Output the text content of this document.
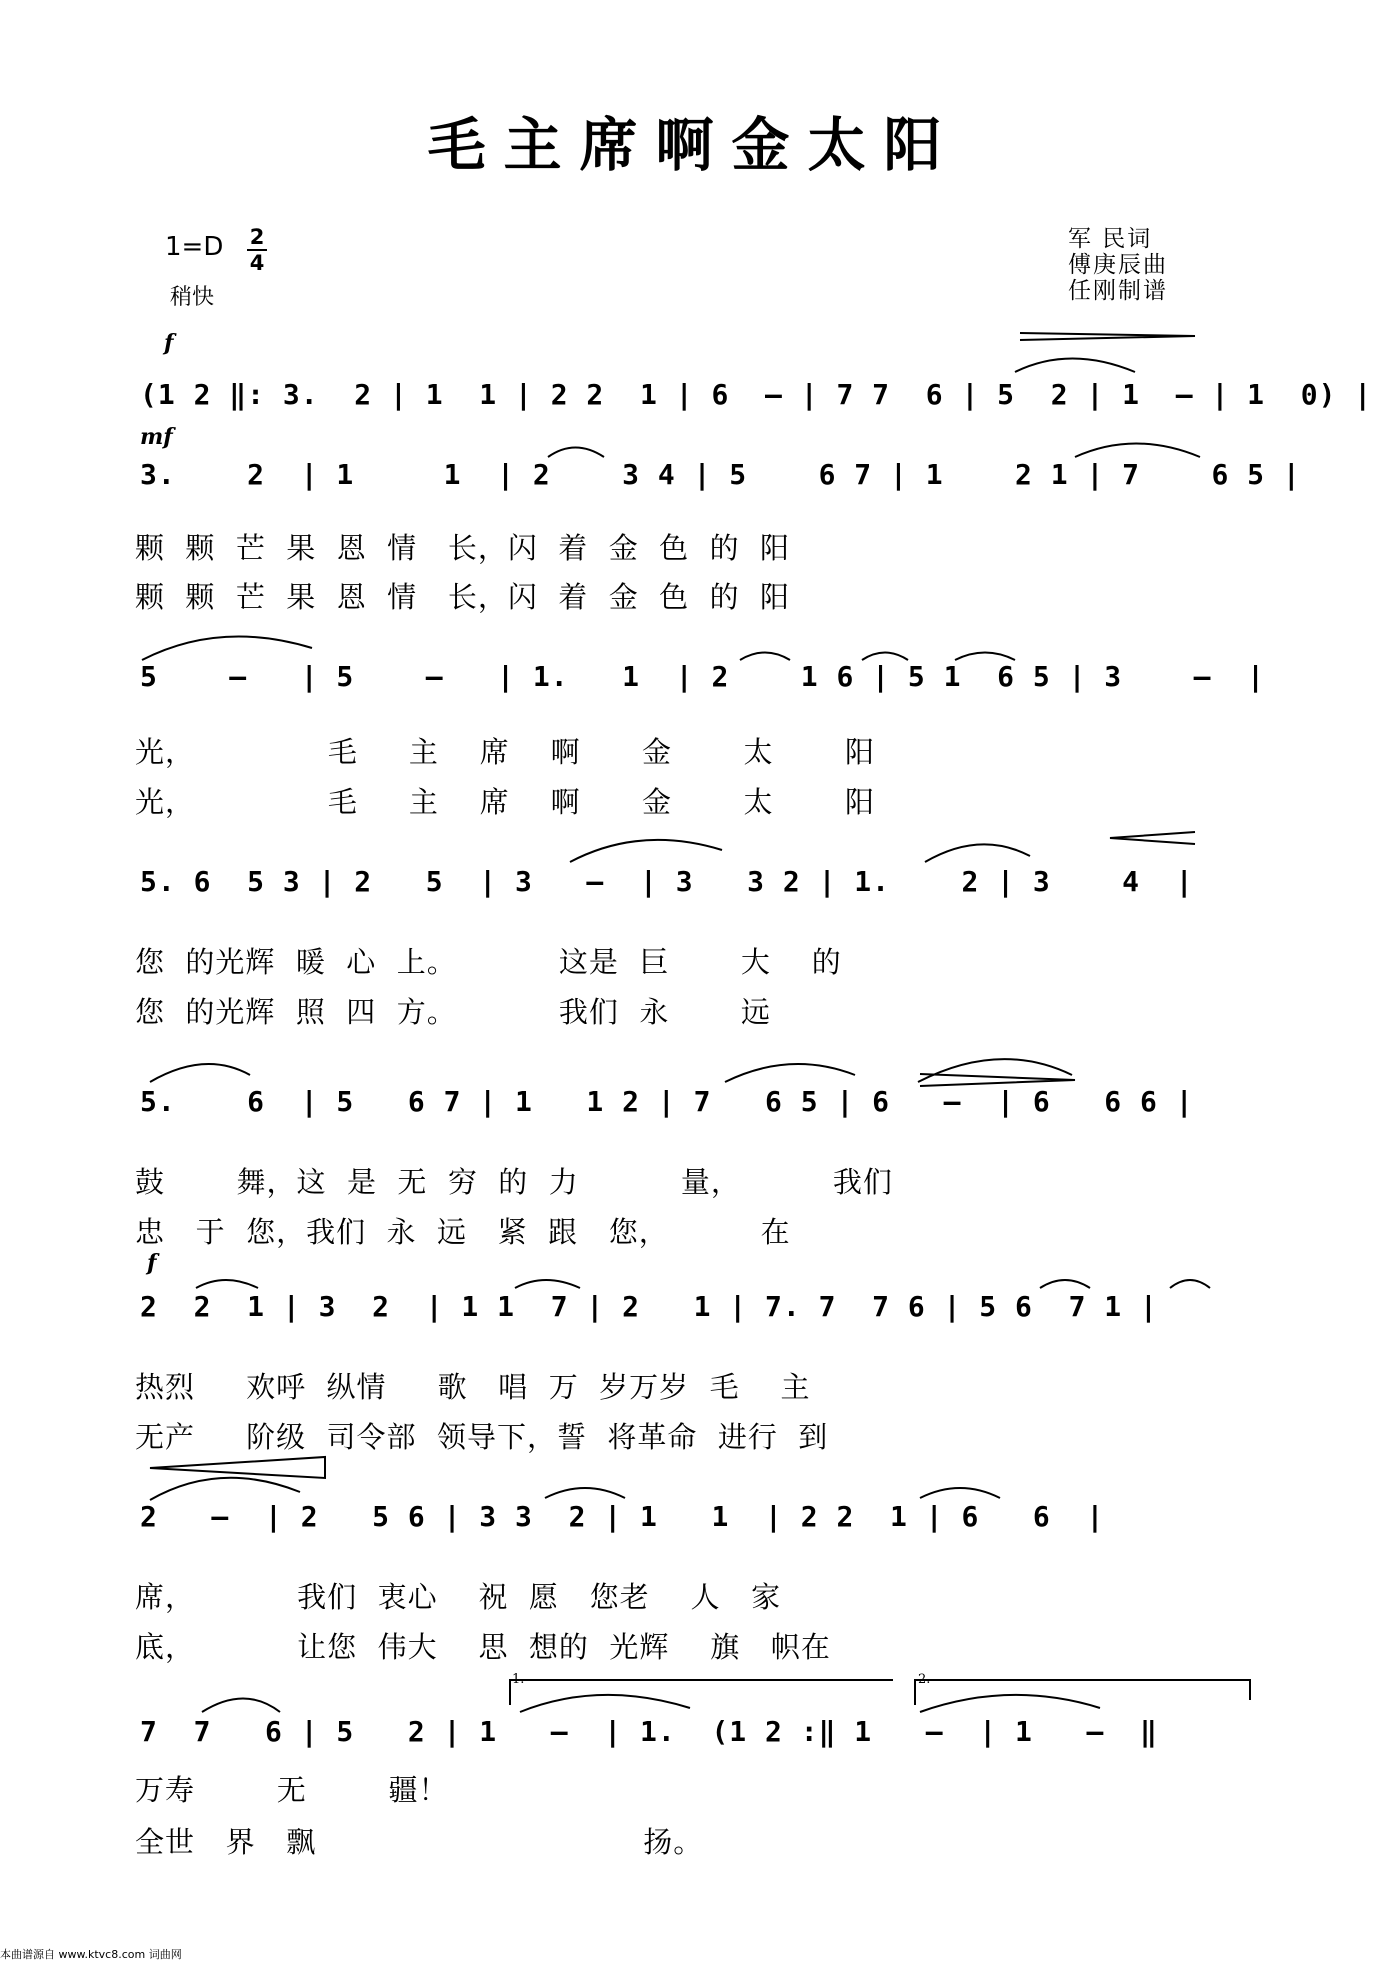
毛主席啊金太阳
1=D 2
4
稍快
军 民词
傅庚辰曲
任刚制谱
f
mf
f
(1 2 ‖: 3.  2 | 1  1 | 2 2  1 | 6  – | 7 7  6 | 5  2 | 1  – | 1  0) |
3.    2  | 1     1  | 2    3 4 | 5    6 7 | 1    2 1 | 7    6 5 |
颗  颗  芒  果  恩  情   长，闪  着  金  色  的  阳
颗  颗  芒  果  恩  情   长，闪  着  金  色  的  阳
5    –   | 5    –   | 1.   1  | 2    1 6 | 5 1  6 5 | 3    –  |
光，             毛     主    席    啊      金       太       阳
光，             毛     主    席    啊      金       太       阳
5. 6  5 3 | 2   5  | 3   –  | 3   3 2 | 1.    2 | 3    4  |
您  的光辉  暖  心  上。          这是  巨       大    的
您  的光辉  照  四  方。          我们  永       远
5.    6  | 5   6 7 | 1   1 2 | 7   6 5 | 6   –  | 6   6 6 |
鼓       舞，这  是  无  穷  的  力          量，         我们
忠   于  您，我们  永  远   紧  跟   您，         在
2  2  1 | 3  2  | 1 1  7 | 2   1 | 7. 7  7 6 | 5 6  7 1 |
热烈     欢呼  纵情     歌   唱  万  岁万岁  毛    主
无产     阶级  司令部  领导下，誓  将革命  进行  到
2   –  | 2   5 6 | 3 3  2 | 1   1  | 2 2  1 | 6   6  |
席，          我们  衷心    祝  愿   您老    人   家
底，          让您  伟大    思  想的  光辉    旗   帜在
1.	2.
7  7   6 | 5   2 | 1   –  | 1.  (1 2 :‖ 1   –  | 1   –  ‖
万寿        无        疆！
全世   界   飘                                扬。
本曲谱源自 www.ktvc8.com 词曲网
